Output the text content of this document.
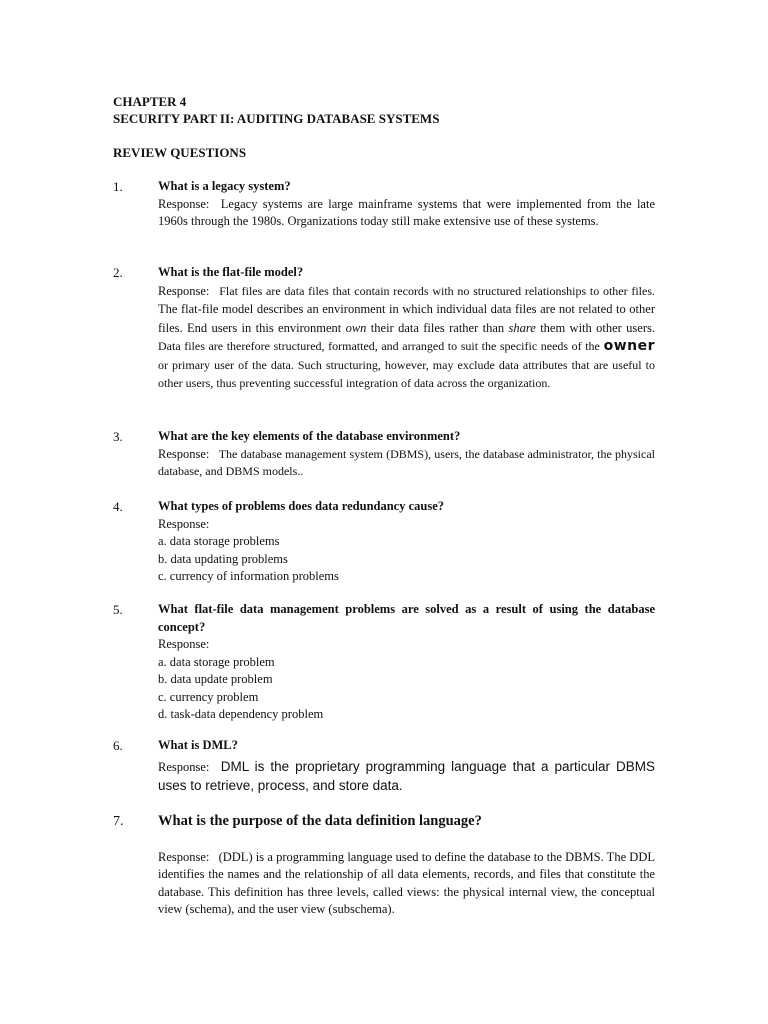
CHAPTER 4
SECURITY PART II: AUDITING DATABASE SYSTEMS
REVIEW QUESTIONS
1.	What is a legacy system?
Response: Legacy systems are large mainframe systems that were implemented from the late 1960s through the 1980s. Organizations today still make extensive use of these systems.
2.	What is the flat-file model?
Response: Flat files are data files that contain records with no structured relationships to other files. The flat-file model describes an environment in which individual data files are not related to other files. End users in this environment own their data files rather than share them with other users. Data files are therefore structured, formatted, and arranged to suit the specific needs of the owner or primary user of the data. Such structuring, however, may exclude data attributes that are useful to other users, thus preventing successful integration of data across the organization.
3.	What are the key elements of the database environment?
Response: The database management system (DBMS), users, the database administrator, the physical database, and DBMS models..
4.	What types of problems does data redundancy cause?
Response:
a. data storage problems
b. data updating problems
c. currency of information problems
5.	What flat-file data management problems are solved as a result of using the database concept?
Response:
a. data storage problem
b. data update problem
c. currency problem
d. task-data dependency problem
6.	What is DML?
Response: DML is the proprietary programming language that a particular DBMS uses to retrieve, process, and store data.
7. What is the purpose of the data definition language?
Response: (DDL) is a programming language used to define the database to the DBMS. The DDL identifies the names and the relationship of all data elements, records, and files that constitute the database. This definition has three levels, called views: the physical internal view, the conceptual view (schema), and the user view (subschema).
